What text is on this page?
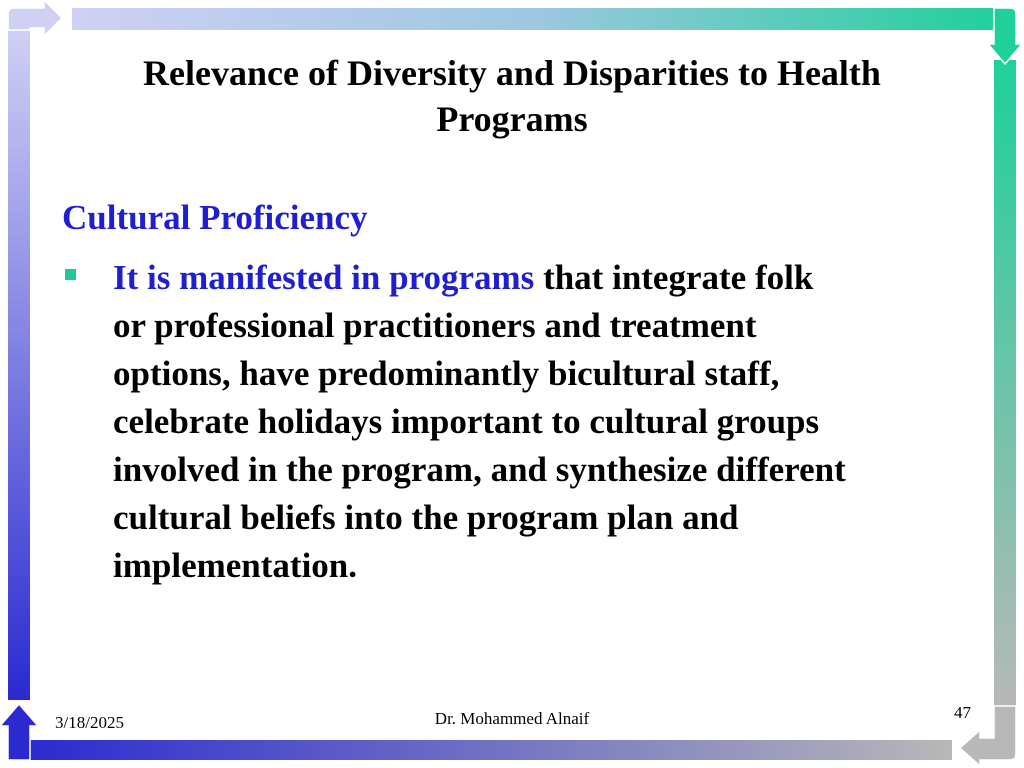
Relevance of Diversity and Disparities to Health
Programs
Cultural Proficiency
It is manifested in programs that integrate folk
or professional practitioners and treatment
options, have predominantly bicultural staff,
celebrate holidays important to cultural groups
involved in the program, and synthesize different
cultural beliefs into the program plan and
implementation.
3/18/2025	Dr. Mohammed Alnaif	47
